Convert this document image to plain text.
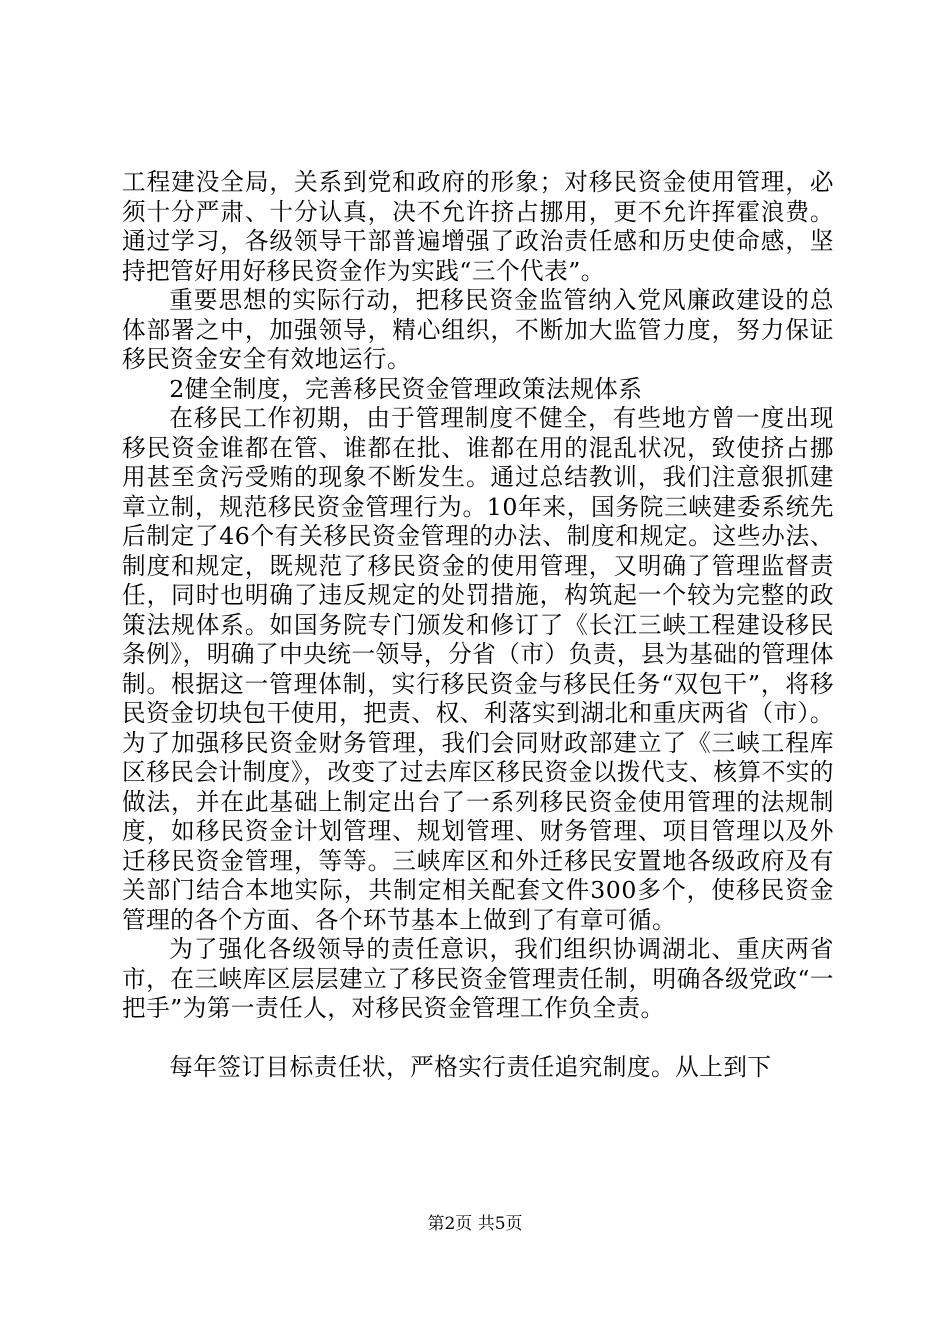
工程建没全局，关系到党和政府的形象；对移民资金使用管理，必须十分严肃、十分认真，决不允许挤占挪用，更不允许挥霍浪费。通过学习，各级领导干部普遍增强了政治责任感和历史使命感，坚持把管好用好移民资金作为实践“三个代表”。

重要思想的实际行动，把移民资金监管纳入党风廉政建设的总体部署之中，加强领导，精心组织，不断加大监管力度，努力保证移民资金安全有效地运行。

2健全制度，完善移民资金管理政策法规体系

在移民工作初期，由于管理制度不健全，有些地方曾一度出现移民资金谁都在管、谁都在批、谁都在用的混乱状况，致使挤占挪用甚至贪污受贿的现象不断发生。通过总结教训，我们注意狠抓建章立制，规范移民资金管理行为。10年来，国务院三峡建委系统先后制定了46个有关移民资金管理的办法、制度和规定。这些办法、制度和规定，既规范了移民资金的使用管理，又明确了管理监督责任，同时也明确了违反规定的处罚措施，构筑起一个较为完整的政策法规体系。如国务院专门颁发和修订了《长江三峡工程建设移民条例》，明确了中央统一领导，分省（市）负责，县为基础的管理体制。根据这一管理体制，实行移民资金与移民任务“双包干”，将移民资金切块包干使用，把责、权、利落实到湖北和重庆两省（市）。为了加强移民资金财务管理，我们会同财政部建立了《三峡工程库区移民会计制度》，改变了过去库区移民资金以拨代支、核算不实的做法，并在此基础上制定出台了一系列移民资金使用管理的法规制度，如移民资金计划管理、规划管理、财务管理、项目管理以及外迁移民资金管理，等等。三峡库区和外迁移民安置地各级政府及有关部门结合本地实际，共制定相关配套文件300多个，使移民资金管理的各个方面、各个环节基本上做到了有章可循。

为了强化各级领导的责任意识，我们组织协调湖北、重庆两省市，在三峡库区层层建立了移民资金管理责任制，明确各级党政“一把手”为第一责任人，对移民资金管理工作负全责。

每年签订目标责任状，严格实行责任追究制度。从上到下

第2页 共5页
